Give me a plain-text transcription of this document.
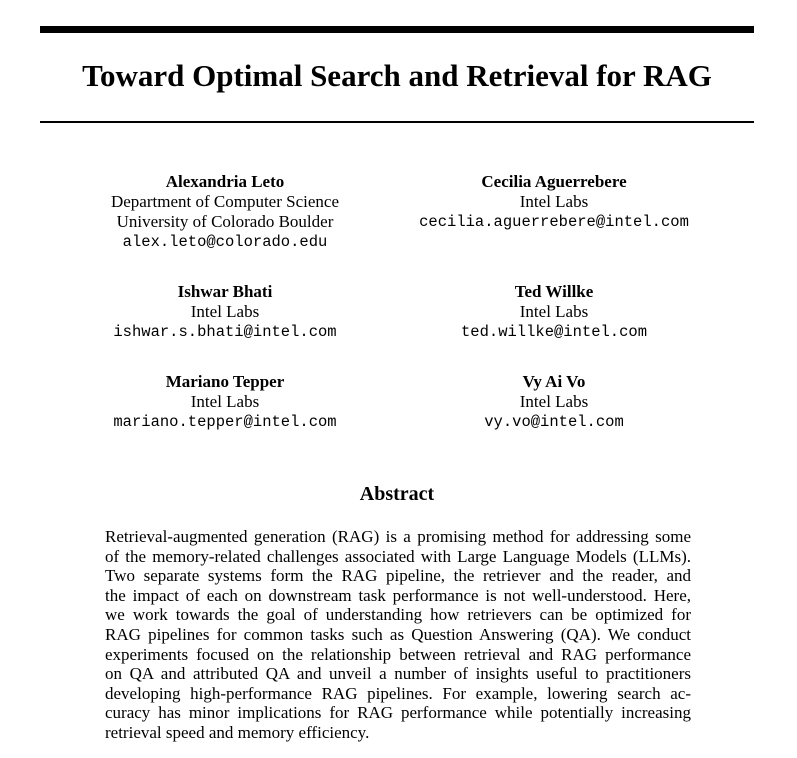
Toward Optimal Search and Retrieval for RAG
Alexandria Leto
Department of Computer Science
University of Colorado Boulder
alex.leto@colorado.edu
Cecilia Aguerrebere
Intel Labs
cecilia.aguerrebere@intel.com
Ishwar Bhati
Intel Labs
ishwar.s.bhati@intel.com
Ted Willke
Intel Labs
ted.willke@intel.com
Mariano Tepper
Intel Labs
mariano.tepper@intel.com
Vy Ai Vo
Intel Labs
vy.vo@intel.com
Abstract

Retrieval-augmented generation (RAG) is a promising method for addressing some
of the memory-related challenges associated with Large Language Models (LLMs).
Two separate systems form the RAG pipeline, the retriever and the reader, and
the impact of each on downstream task performance is not well-understood. Here,
we work towards the goal of understanding how retrievers can be optimized for
RAG pipelines for common tasks such as Question Answering (QA). We conduct
experiments focused on the relationship between retrieval and RAG performance
on QA and attributed QA and unveil a number of insights useful to practitioners
developing high-performance RAG pipelines. For example, lowering search ac-
curacy has minor implications for RAG performance while potentially increasing
retrieval speed and memory efficiency.
